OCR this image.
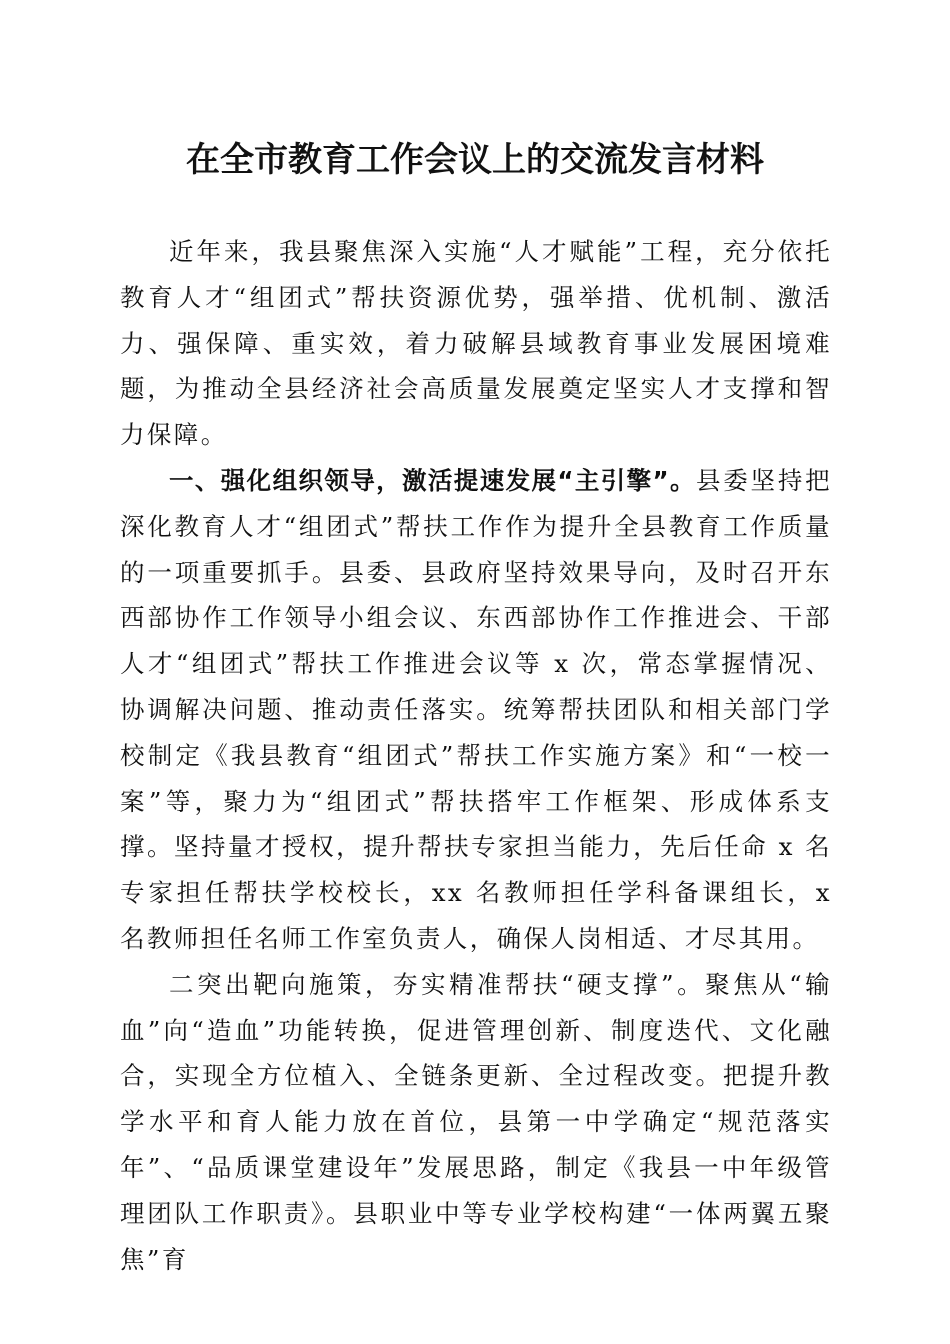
在全市教育工作会议上的交流发言材料

近年来，我县聚焦深入实施“人才赋能”工程，充分依托教育人才“组团式”帮扶资源优势，强举措、优机制、激活力、强保障、重实效，着力破解县域教育事业发展困境难题，为推动全县经济社会高质量发展奠定坚实人才支撑和智力保障。

一、强化组织领导，激活提速发展“主引擎”。县委坚持把深化教育人才“组团式”帮扶工作作为提升全县教育工作质量的一项重要抓手。县委、县政府坚持效果导向，及时召开东西部协作工作领导小组会议、东西部协作工作推进会、干部人才“组团式”帮扶工作推进会议等 x 次，常态掌握情况、协调解决问题、推动责任落实。统筹帮扶团队和相关部门学校制定《我县教育“组团式”帮扶工作实施方案》和“一校一案”等，聚力为“组团式”帮扶搭牢工作框架、形成体系支撑。坚持量才授权，提升帮扶专家担当能力，先后任命 x 名专家担任帮扶学校校长，xx 名教师担任学科备课组长，x 名教师担任名师工作室负责人，确保人岗相适、才尽其用。

二突出靶向施策，夯实精准帮扶“硬支撑”。聚焦从“输血”向“造血”功能转换，促进管理创新、制度迭代、文化融合，实现全方位植入、全链条更新、全过程改变。把提升教学水平和育人能力放在首位，县第一中学确定“规范落实年”、“品质课堂建设年”发展思路，制定《我县一中年级管理团队工作职责》。县职业中等专业学校构建“一体两翼五聚焦”育
